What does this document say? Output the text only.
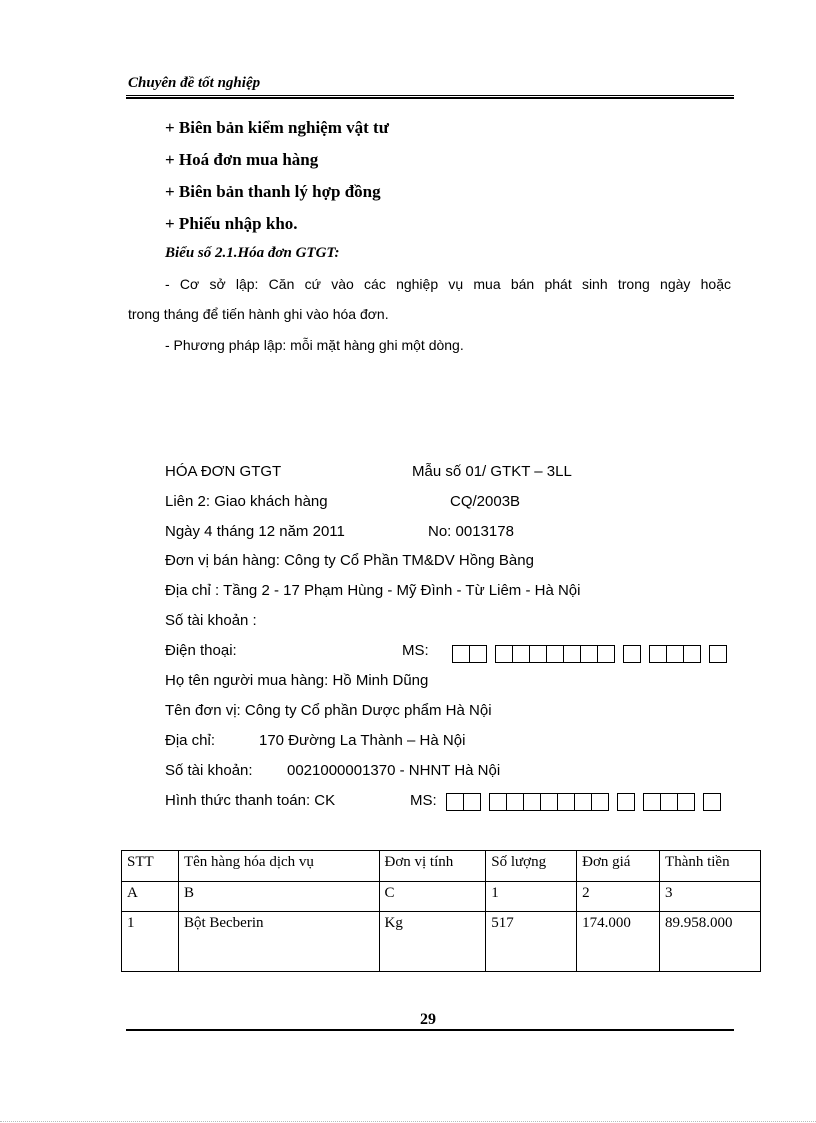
Chuyên đề tốt nghiệp
+ Biên bản kiểm nghiệm vật tư
+ Hoá đơn mua hàng
+ Biên bản thanh lý hợp đồng
+ Phiếu nhập kho.
Biểu số 2.1.Hóa đơn GTGT:
- Cơ sở lập: Căn cứ vào các nghiệp vụ mua bán phát sinh trong ngày hoặc
trong tháng để tiến hành ghi vào hóa đơn.
- Phương pháp lập: mỗi mặt hàng ghi một dòng.
HÓA ĐƠN GTGT	Mẫu số 01/ GTKT – 3LL
Liên 2: Giao khách hàng	CQ/2003B
Ngày 4 tháng 12 năm 2011	No: 0013178
Đơn vị bán hàng: Công ty Cổ Phần TM&DV Hồng Bàng
Địa chỉ : Tầng 2 - 17 Phạm Hùng - Mỹ Đình - Từ Liêm - Hà Nội
Số tài khoản :
Điện thoại:	MS:
Họ tên người mua hàng: Hồ Minh Dũng
Tên đơn vị: Công ty Cổ phần Dược phẩm Hà Nội
Địa chỉ:	170 Đường La Thành – Hà Nội
Số tài khoản: 0021000001370 - NHNT Hà Nội
Hình thức thanh toán: CK	MS:
STT	Tên hàng hóa dịch vụ	Đơn vị tính	Số lượng	Đơn giá	Thành tiền
A	B	C	1	2	3
1	Bột Becberin	Kg	517	174.000	89.958.000
29
